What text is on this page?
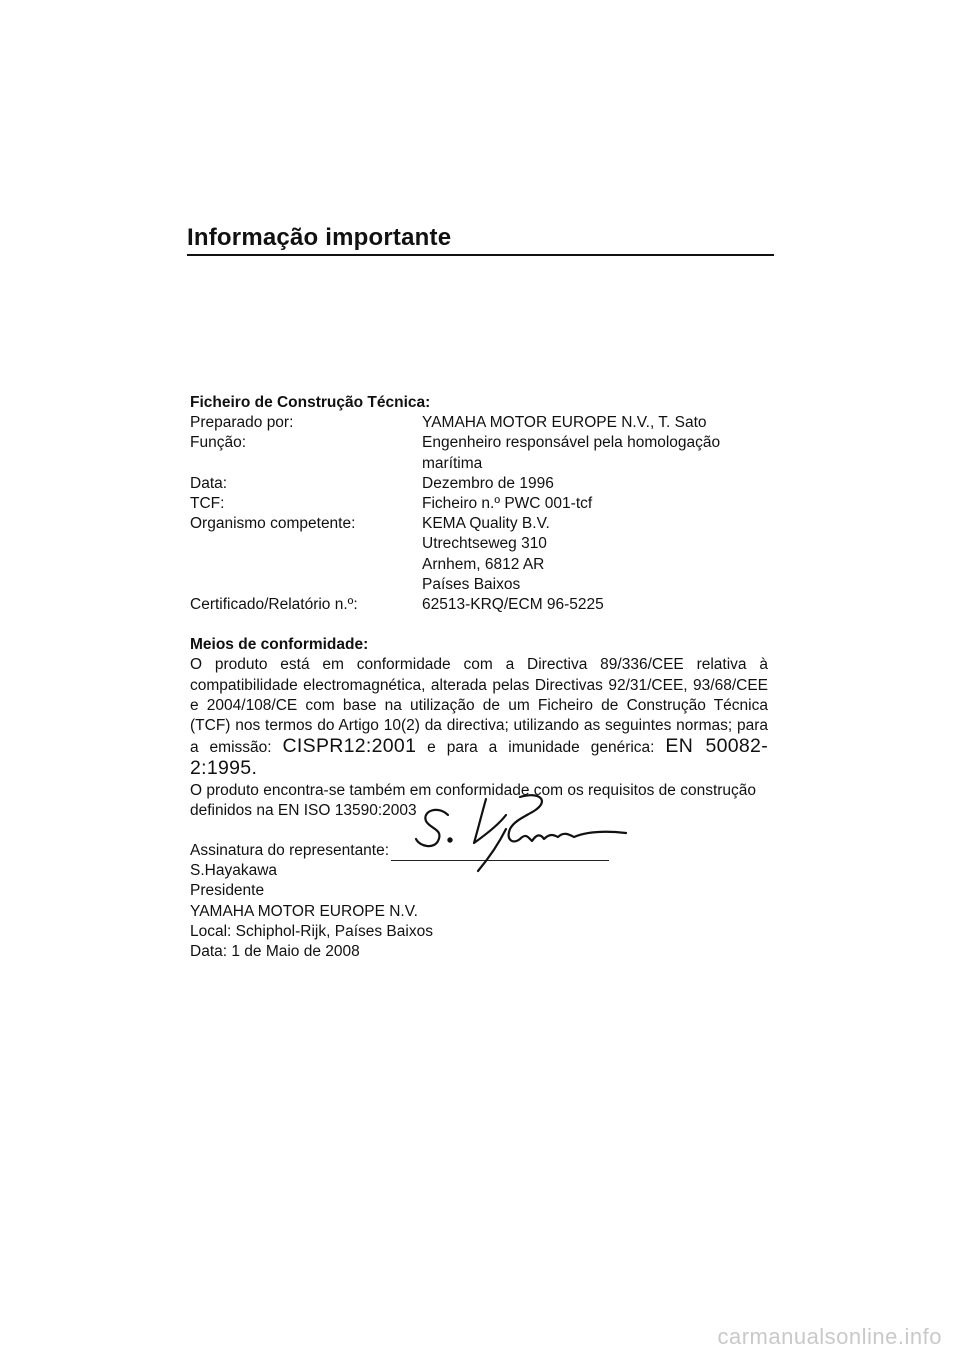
Informação importante
Ficheiro de Construção Técnica:
Preparado por:	YAMAHA MOTOR EUROPE N.V., T. Sato
Função:	Engenheiro responsável pela homologação
marítima
Data:	Dezembro de 1996
TCF:	Ficheiro n.º PWC 001-tcf
Organismo competente:	KEMA Quality B.V.
Utrechtseweg 310
Arnhem, 6812 AR
Países Baixos
Certificado/Relatório n.º:	62513-KRQ/ECM 96-5225
Meios de conformidade:

O produto está em conformidade com a Directiva 89/336/CEE relativa à compatibilidade electromagnética, alterada pelas Directivas 92/31/CEE, 93/68/CEE e 2004/108/CE com base na utilização de um Ficheiro de Construção Técnica (TCF) nos termos do Artigo 10(2) da directiva; utilizando as seguintes normas; para a emissão: CISPR12:2001 e para a imunidade genérica: EN 50082-2:1995.

O produto encontra-se também em conformidade com os requisitos de construção definidos na EN ISO 13590:2003

Assinatura do representante:
S.Hayakawa
Presidente
YAMAHA MOTOR EUROPE N.V.
Local: Schiphol-Rijk, Países Baixos
Data: 1 de Maio de 2008
carmanualsonline.info
